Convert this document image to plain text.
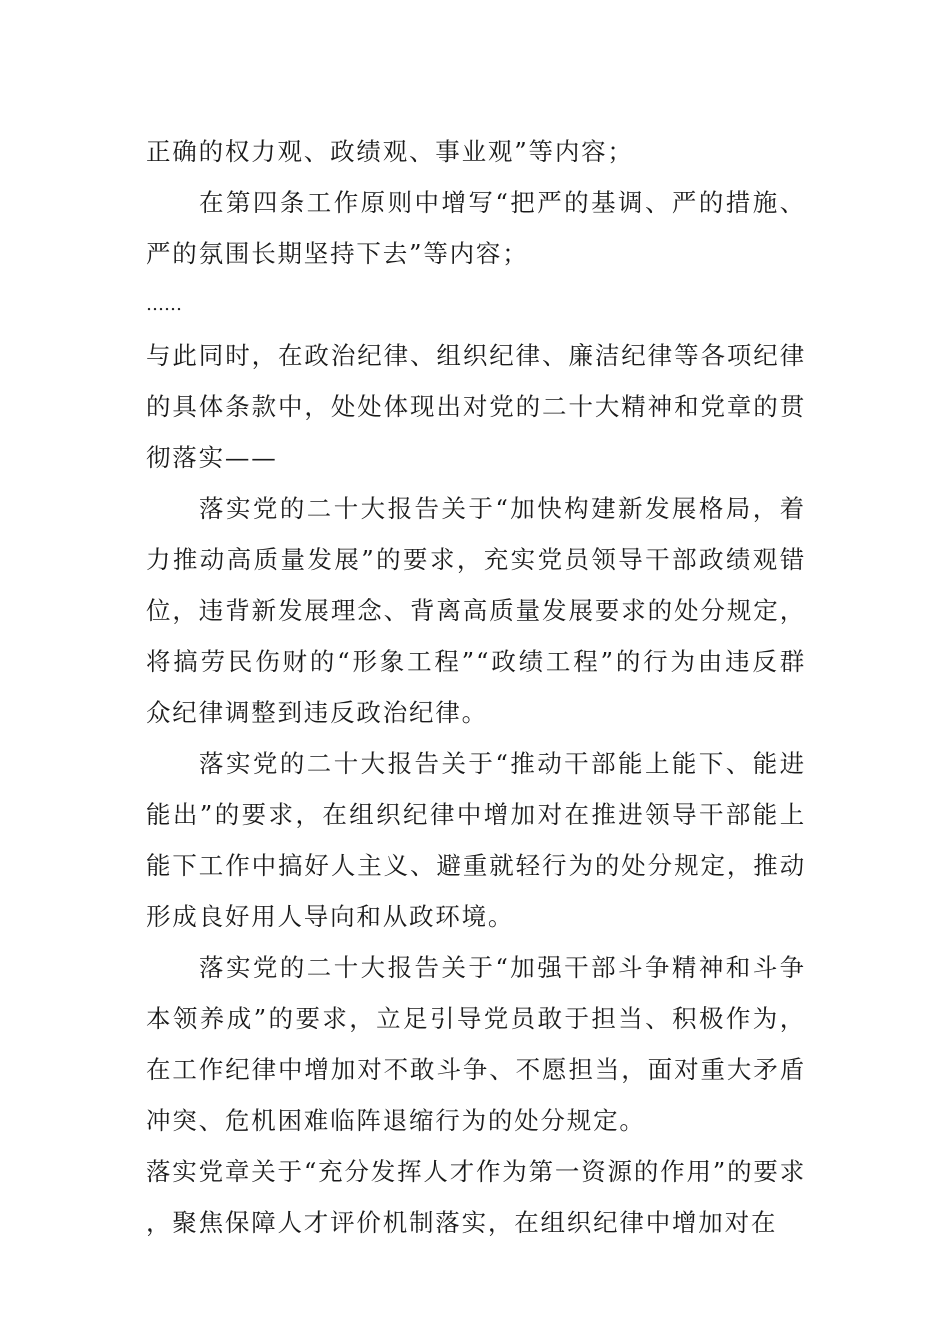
正确的权力观、政绩观、事业观”等内容；

在第四条工作原则中增写“把严的基调、严的措施、严的氛围长期坚持下去”等内容；

……

与此同时，在政治纪律、组织纪律、廉洁纪律等各项纪律的具体条款中，处处体现出对党的二十大精神和党章的贯彻落实——

落实党的二十大报告关于“加快构建新发展格局，着力推动高质量发展”的要求，充实党员领导干部政绩观错位，违背新发展理念、背离高质量发展要求的处分规定，将搞劳民伤财的“形象工程”“政绩工程”的行为由违反群众纪律调整到违反政治纪律。

落实党的二十大报告关于“推动干部能上能下、能进能出”的要求，在组织纪律中增加对在推进领导干部能上能下工作中搞好人主义、避重就轻行为的处分规定，推动形成良好用人导向和从政环境。

落实党的二十大报告关于“加强干部斗争精神和斗争本领养成”的要求，立足引导党员敢于担当、积极作为，在工作纪律中增加对不敢斗争、不愿担当，面对重大矛盾冲突、危机困难临阵退缩行为的处分规定。

落实党章关于“充分发挥人才作为第一资源的作用”的要求，聚焦保障人才评价机制落实，在组织纪律中增加对在
